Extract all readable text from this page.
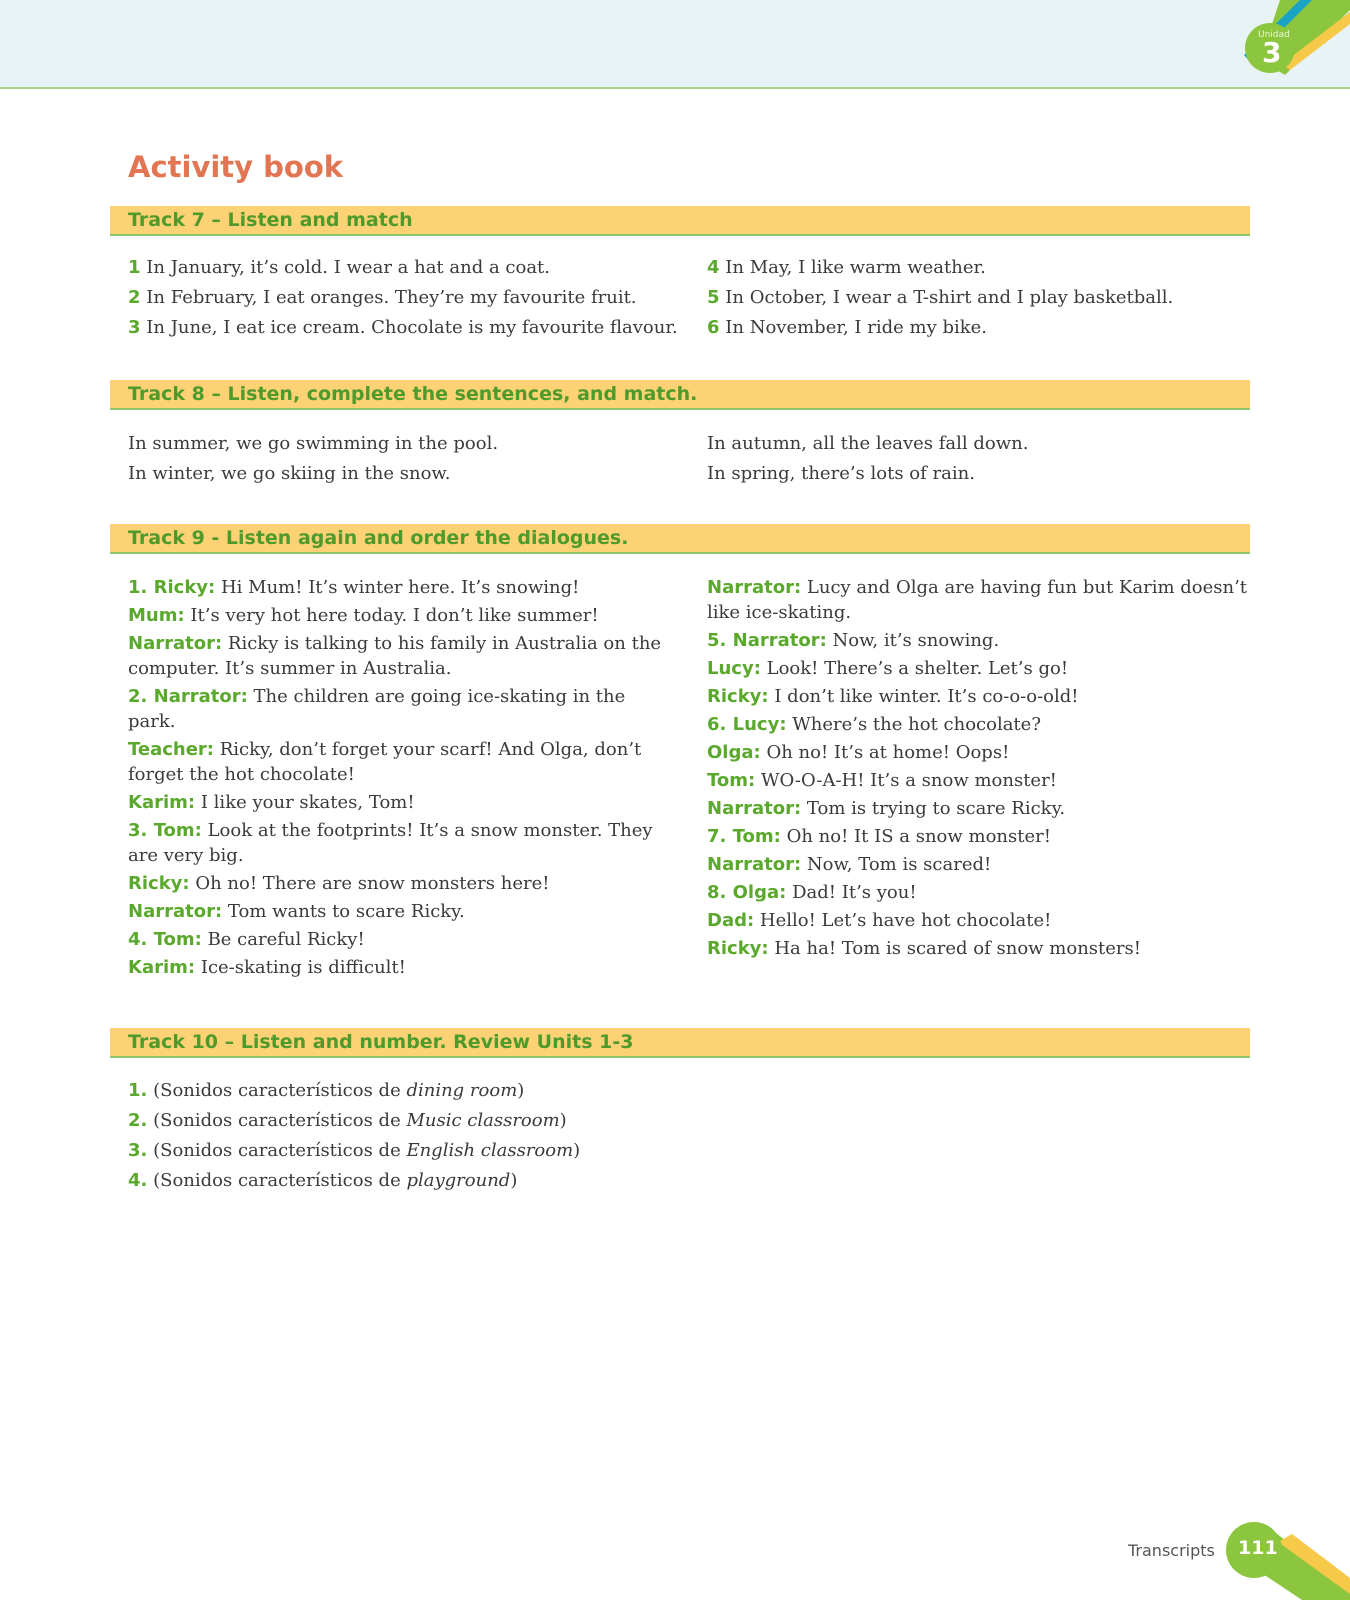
Unidad
3
Activity book
Track 7 – Listen and match

1 In January, it’s cold. I wear a hat and a coat.

2 In February, I eat oranges. They’re my favourite fruit.

3 In June, I eat ice cream. Chocolate is my favourite flavour.

4 In May, I like warm weather.

5 In October, I wear a T-shirt and I play basketball.

6 In November, I ride my bike.

Track 8 – Listen, complete the sentences, and match.

In summer, we go swimming in the pool.

In winter, we go skiing in the snow.

In autumn, all the leaves fall down.

In spring, there’s lots of rain.

Track 9 - Listen again and order the dialogues.

1. Ricky: Hi Mum! It’s winter here. It’s snowing!

Mum: It’s very hot here today. I don’t like summer!

Narrator: Ricky is talking to his family in Australia on the computer. It’s summer in Australia.

2. Narrator: The children are going ice-skating in the park.

Teacher: Ricky, don’t forget your scarf! And Olga, don’t forget the hot chocolate!

Karim: I like your skates, Tom!

3. Tom: Look at the footprints! It’s a snow monster. They are very big.

Ricky: Oh no! There are snow monsters here!

Narrator: Tom wants to scare Ricky.

4. Tom: Be careful Ricky!

Karim: Ice-skating is difficult!

Narrator: Lucy and Olga are having fun but Karim doesn’t like ice-skating.

5. Narrator: Now, it’s snowing.

Lucy: Look! There’s a shelter. Let’s go!

Ricky: I don’t like winter. It’s co-o-o-old!

6. Lucy: Where’s the hot chocolate?

Olga: Oh no! It’s at home! Oops!

Tom: WO-O-A-H! It’s a snow monster!

Narrator: Tom is trying to scare Ricky.

7. Tom: Oh no! It IS a snow monster!

Narrator: Now, Tom is scared!

8. Olga: Dad! It’s you!

Dad: Hello! Let’s have hot chocolate!

Ricky: Ha ha! Tom is scared of snow monsters!

Track 10 – Listen and number. Review Units 1-3

1. (Sonidos característicos de dining room)

2. (Sonidos característicos de Music classroom)

3. (Sonidos característicos de English classroom)

4. (Sonidos característicos de playground)

Transcripts 111
